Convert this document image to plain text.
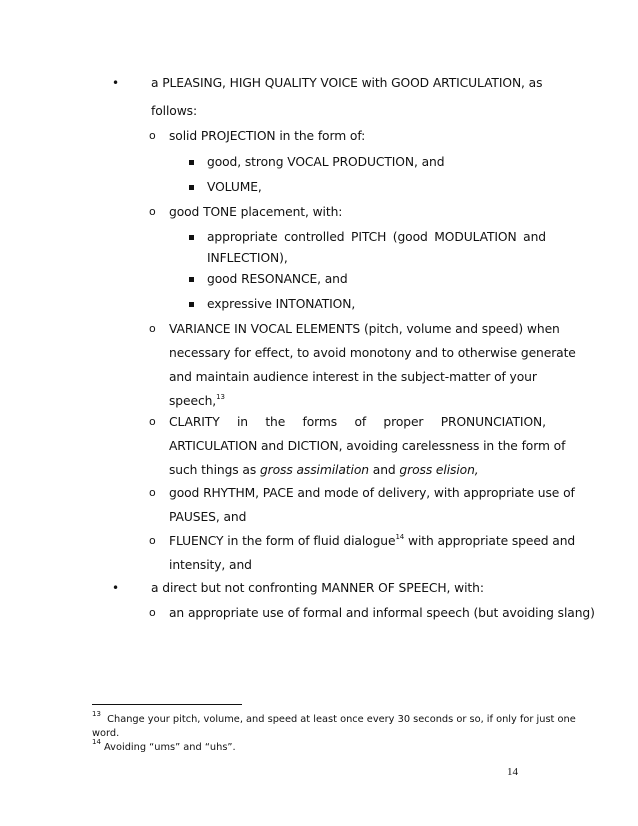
•	a PLEASING, HIGH QUALITY VOICE with GOOD ARTICULATION, as
follows:
o solid PROJECTION in the form of:
good, strong VOCAL PRODUCTION, and
VOLUME,
o good TONE placement, with:
appropriate controlled PITCH (good MODULATION and
INFLECTION),
good RESONANCE, and
expressive INTONATION,
o VARIANCE IN VOCAL ELEMENTS (pitch, volume and speed) when
necessary for effect, to avoid monotony and to otherwise generate
and maintain audience interest in the subject-matter of your
speech,$^{13}$
o CLARITY in the forms of proper PRONUNCIATION,
ARTICULATION and DICTION, avoiding carelessness in the form of
such things as gross assimilation and gross elision,
o good RHYTHM, PACE and mode of delivery, with appropriate use of
PAUSES, and
o FLUENCY in the form of fluid dialogue$^{14}$ with appropriate speed and
intensity, and
•	a direct but not confronting MANNER OF SPEECH, with:
o an appropriate use of formal and informal speech (but avoiding slang)
$^{13}$ Change your pitch, volume, and speed at least once every 30 seconds or so, if only for just one
word.
$^{14}$ Avoiding “ums” and “uhs”.
14
